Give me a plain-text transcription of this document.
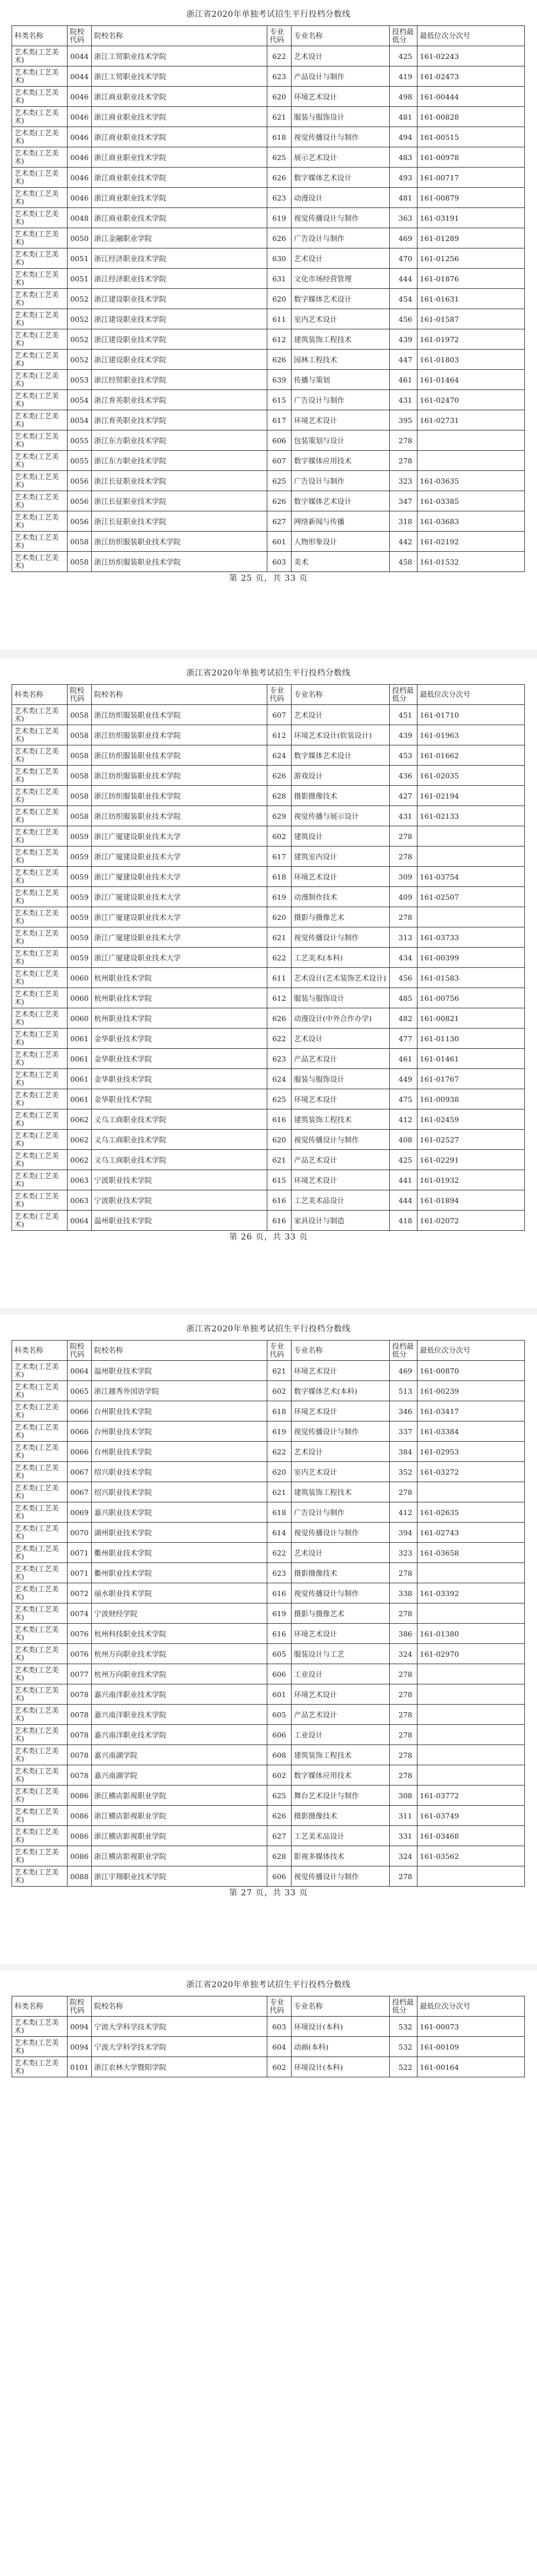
浙江省2020年单独考试招生平行投档分数线
科类名称	院校代码	院校名称	专业代码	专业名称	投档最低分	最低位次分次号
艺术类(工艺美术)	0044	浙江工贸职业技术学院	622	艺术设计	425	161-02243
艺术类(工艺美术)	0044	浙江工贸职业技术学院	623	产品设计与制作	419	161-02473
艺术类(工艺美术)	0046	浙江商业职业技术学院	620	环境艺术设计	498	161-00444
艺术类(工艺美术)	0046	浙江商业职业技术学院	621	服装与服饰设计	481	161-00828
艺术类(工艺美术)	0046	浙江商业职业技术学院	618	视觉传播设计与制作	494	161-00515
艺术类(工艺美术)	0046	浙江商业职业技术学院	625	展示艺术设计	483	161-00978
艺术类(工艺美术)	0046	浙江商业职业技术学院	626	数字媒体艺术设计	493	161-00717
艺术类(工艺美术)	0046	浙江商业职业技术学院	623	动漫设计	481	161-00879
艺术类(工艺美术)	0048	浙江商业职业技术学院	619	视觉传播设计与制作	363	161-03191
艺术类(工艺美术)	0050	浙江金融职业学院	626	广告设计与制作	469	161-01289
艺术类(工艺美术)	0051	浙江经济职业技术学院	630	艺术设计	470	161-01256
艺术类(工艺美术)	0051	浙江经济职业技术学院	631	文化市场经营管理	444	161-01876
艺术类(工艺美术)	0052	浙江建设职业技术学院	620	数字媒体艺术设计	454	161-01631
艺术类(工艺美术)	0052	浙江建设职业技术学院	611	室内艺术设计	456	161-01587
艺术类(工艺美术)	0052	浙江建设职业技术学院	612	建筑装饰工程技术	439	161-01972
艺术类(工艺美术)	0052	浙江建设职业技术学院	626	园林工程技术	447	161-01803
艺术类(工艺美术)	0053	浙江经贸职业技术学院	639	传播与策划	461	161-01464
艺术类(工艺美术)	0054	浙江育英职业技术学院	615	广告设计与制作	431	161-02470
艺术类(工艺美术)	0054	浙江育英职业技术学院	617	环境艺术设计	395	161-02731
艺术类(工艺美术)	0055	浙江东方职业技术学院	606	包装策划与设计	278	
艺术类(工艺美术)	0055	浙江东方职业技术学院	607	数字媒体应用技术	278	
艺术类(工艺美术)	0056	浙江长征职业技术学院	625	广告设计与制作	323	161-03635
艺术类(工艺美术)	0056	浙江长征职业技术学院	626	数字媒体艺术设计	347	161-03385
艺术类(工艺美术)	0056	浙江长征职业技术学院	627	网络新闻与传播	318	161-03683
艺术类(工艺美术)	0058	浙江纺织服装职业技术学院	601	人物形象设计	442	161-02192
艺术类(工艺美术)	0058	浙江纺织服装职业技术学院	603	美术	458	161-01532
第 25 页，共 33 页
浙江省2020年单独考试招生平行投档分数线
科类名称	院校代码	院校名称	专业代码	专业名称	投档最低分	最低位次分次号
艺术类(工艺美术)	0058	浙江纺织服装职业技术学院	607	艺术设计	451	161-01710
艺术类(工艺美术)	0058	浙江纺织服装职业技术学院	612	环境艺术设计(软装设计)	439	161-01963
艺术类(工艺美术)	0058	浙江纺织服装职业技术学院	624	数字媒体艺术设计	453	161-01662
艺术类(工艺美术)	0058	浙江纺织服装职业技术学院	626	游戏设计	436	161-02035
艺术类(工艺美术)	0058	浙江纺织服装职业技术学院	628	摄影摄像技术	427	161-02194
艺术类(工艺美术)	0058	浙江纺织服装职业技术学院	629	视觉传播与展示设计	431	161-02133
艺术类(工艺美术)	0059	浙江广厦建设职业技术大学	602	建筑设计	278	
艺术类(工艺美术)	0059	浙江广厦建设职业技术大学	617	建筑室内设计	278	
艺术类(工艺美术)	0059	浙江广厦建设职业技术大学	618	环境艺术设计	309	161-03754
艺术类(工艺美术)	0059	浙江广厦建设职业技术大学	619	动漫制作技术	409	161-02507
艺术类(工艺美术)	0059	浙江广厦建设职业技术大学	620	摄影与摄像艺术	278	
艺术类(工艺美术)	0059	浙江广厦建设职业技术大学	621	视觉传播设计与制作	313	161-03733
艺术类(工艺美术)	0059	浙江广厦建设职业技术大学	622	工艺美术(本科)	434	161-00399
艺术类(工艺美术)	0060	杭州职业技术学院	611	艺术设计(艺术装饰艺术设计)	456	161-01583
艺术类(工艺美术)	0060	杭州职业技术学院	612	服装与服饰设计	485	161-00756
艺术类(工艺美术)	0060	杭州职业技术学院	626	动漫设计(中外合作办学)	482	161-00821
艺术类(工艺美术)	0061	金华职业技术学院	622	艺术设计	477	161-01130
艺术类(工艺美术)	0061	金华职业技术学院	623	产品艺术设计	461	161-01461
艺术类(工艺美术)	0061	金华职业技术学院	624	服装与服饰设计	449	161-01767
艺术类(工艺美术)	0061	金华职业技术学院	625	环境艺术设计	475	161-00938
艺术类(工艺美术)	0062	义乌工商职业技术学院	616	建筑装饰工程技术	412	161-02459
艺术类(工艺美术)	0062	义乌工商职业技术学院	620	视觉传播设计与制作	408	161-02527
艺术类(工艺美术)	0062	义乌工商职业技术学院	621	产品艺术设计	425	161-02291
艺术类(工艺美术)	0063	宁波职业技术学院	615	环境艺术设计	441	161-01932
艺术类(工艺美术)	0063	宁波职业技术学院	616	工艺美术品设计	444	161-01894
艺术类(工艺美术)	0064	温州职业技术学院	616	家具设计与制造	418	161-02072
第 26 页，共 33 页
浙江省2020年单独考试招生平行投档分数线
科类名称	院校代码	院校名称	专业代码	专业名称	投档最低分	最低位次分次号
艺术类(工艺美术)	0064	温州职业技术学院	621	环境艺术设计	469	161-00870
艺术类(工艺美术)	0065	浙江越秀外国语学院	602	数字媒体艺术(本科)	513	161-00239
艺术类(工艺美术)	0066	台州职业技术学院	618	环境艺术设计	346	161-03417
艺术类(工艺美术)	0066	台州职业技术学院	619	视觉传播设计与制作	337	161-03384
艺术类(工艺美术)	0066	台州职业技术学院	622	艺术设计	384	161-02953
艺术类(工艺美术)	0067	绍兴职业技术学院	620	室内艺术设计	352	161-03272
艺术类(工艺美术)	0067	绍兴职业技术学院	621	建筑装饰工程技术	278	
艺术类(工艺美术)	0069	嘉兴职业技术学院	618	广告设计与制作	412	161-02635
艺术类(工艺美术)	0070	湖州职业技术学院	614	视觉传播设计与制作	394	161-02743
艺术类(工艺美术)	0071	衢州职业技术学院	622	艺术设计	323	161-03658
艺术类(工艺美术)	0071	衢州职业技术学院	623	摄影摄像技术	278	
艺术类(工艺美术)	0072	丽水职业技术学院	616	视觉传播设计与制作	338	161-03392
艺术类(工艺美术)	0074	宁波财经学院	619	摄影与摄像艺术	278	
艺术类(工艺美术)	0076	杭州科技职业技术学院	616	环境艺术设计	386	161-01380
艺术类(工艺美术)	0076	杭州万向职业技术学院	605	服装设计与工艺	324	161-02970
艺术类(工艺美术)	0077	杭州万向职业技术学院	606	工业设计	278	
艺术类(工艺美术)	0078	嘉兴南洋职业技术学院	601	环境艺术设计	278	
艺术类(工艺美术)	0078	嘉兴南洋职业技术学院	605	产品艺术设计	278	
艺术类(工艺美术)	0078	嘉兴南洋职业技术学院	606	工业设计	278	
艺术类(工艺美术)	0078	嘉兴南湖学院	608	建筑装饰工程技术	278	
艺术类(工艺美术)	0078	嘉兴南湖学院	602	数字媒体应用技术	278	
艺术类(工艺美术)	0086	浙江横店影视职业学院	625	舞台艺术设计与制作	308	161-03772
艺术类(工艺美术)	0086	浙江横店影视职业学院	626	摄影摄像技术	311	161-03749
艺术类(工艺美术)	0086	浙江横店影视职业学院	627	工艺美术品设计	331	161-03468
艺术类(工艺美术)	0086	浙江横店影视职业学院	628	影视多媒体技术	324	161-03562
艺术类(工艺美术)	0088	浙江宇翔职业技术学院	606	视觉传播设计与制作	278	
第 27 页，共 33 页
浙江省2020年单独考试招生平行投档分数线
科类名称	院校代码	院校名称	专业代码	专业名称	投档最低分	最低位次分次号
艺术类(工艺美术)	0094	宁波大学科学技术学院	603	环境设计(本科)	532	161-00073
艺术类(工艺美术)	0094	宁波大学科学技术学院	604	动画(本科)	532	161-00109
艺术类(工艺美术)	0101	浙江农林大学暨阳学院	602	环境设计(本科)	522	161-00164
